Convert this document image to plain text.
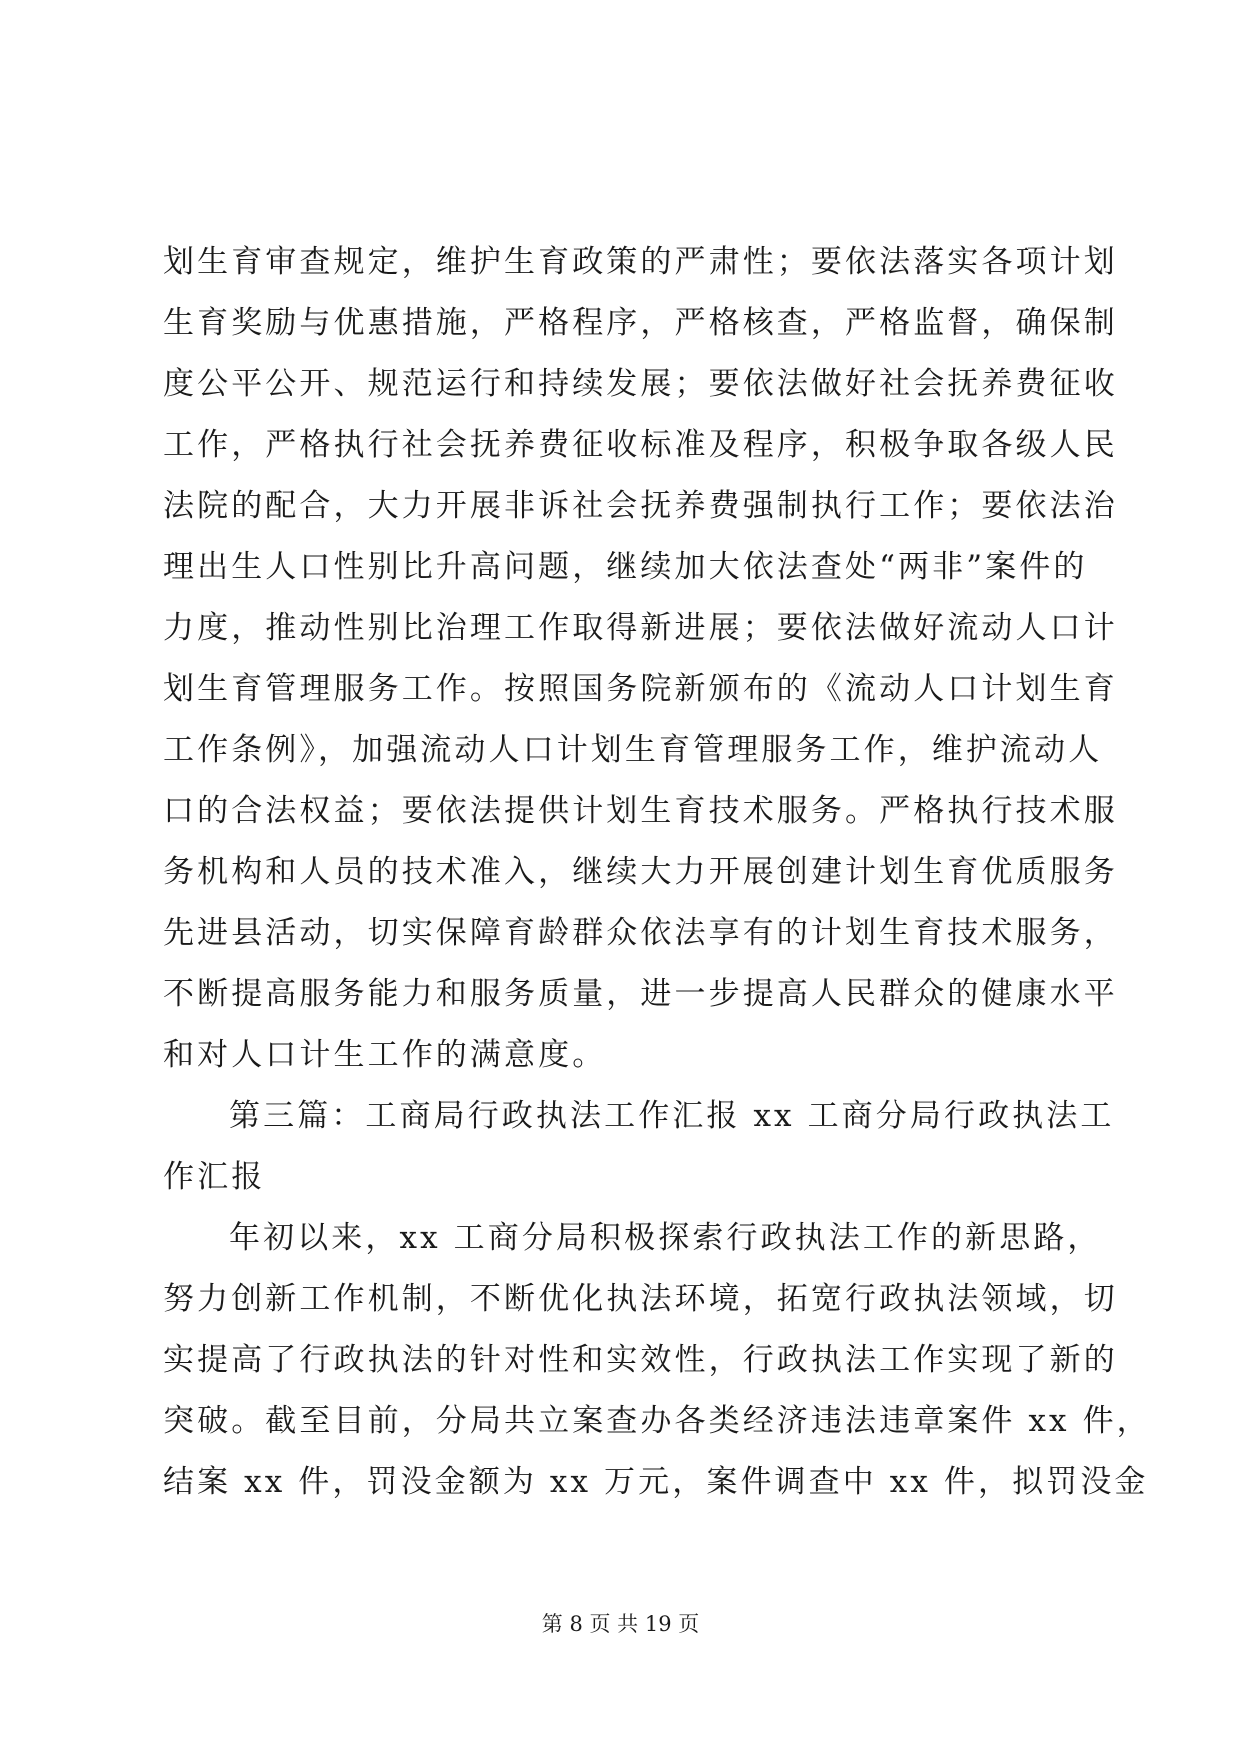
划生育审查规定，维护生育政策的严肃性；要依法落实各项计划
生育奖励与优惠措施，严格程序，严格核查，严格监督，确保制
度公平公开、规范运行和持续发展；要依法做好社会抚养费征收
工作，严格执行社会抚养费征收标准及程序，积极争取各级人民
法院的配合，大力开展非诉社会抚养费强制执行工作；要依法治
理出生人口性别比升高问题，继续加大依法查处“两非”案件的
力度，推动性别比治理工作取得新进展；要依法做好流动人口计
划生育管理服务工作。按照国务院新颁布的《流动人口计划生育
工作条例》，加强流动人口计划生育管理服务工作，维护流动人
口的合法权益；要依法提供计划生育技术服务。严格执行技术服
务机构和人员的技术准入，继续大力开展创建计划生育优质服务
先进县活动，切实保障育龄群众依法享有的计划生育技术服务，
不断提高服务能力和服务质量，进一步提高人民群众的健康水平
和对人口计生工作的满意度。
第三篇：工商局行政执法工作汇报 xx 工商分局行政执法工
作汇报
年初以来，xx 工商分局积极探索行政执法工作的新思路，
努力创新工作机制，不断优化执法环境，拓宽行政执法领域，切
实提高了行政执法的针对性和实效性，行政执法工作实现了新的
突破。截至目前，分局共立案查办各类经济违法违章案件 xx 件，
结案 xx 件，罚没金额为 xx 万元，案件调查中 xx 件，拟罚没金
第 8 页 共 19 页
